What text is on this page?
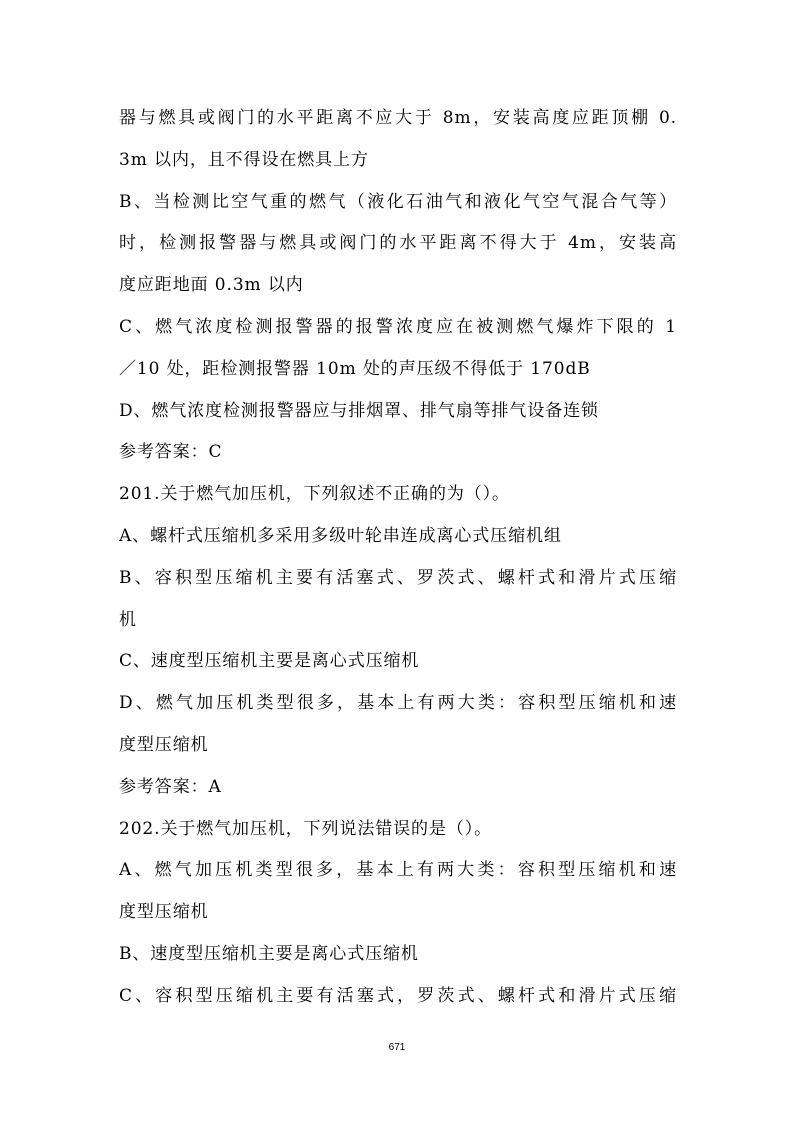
器与燃具或阀门的水平距离不应大于 8m，安装高度应距顶棚 0.
3m 以内，且不得设在燃具上方
B、当检测比空气重的燃气（液化石油气和液化气空气混合气等）
时，检测报警器与燃具或阀门的水平距离不得大于 4m，安装高
度应距地面 0.3m 以内
C、燃气浓度检测报警器的报警浓度应在被测燃气爆炸下限的 1
／10 处，距检测报警器 10m 处的声压级不得低于 170dB
D、燃气浓度检测报警器应与排烟罩、排气扇等排气设备连锁
参考答案：C
201.关于燃气加压机，下列叙述不正确的为（）。
A、螺杆式压缩机多采用多级叶轮串连成离心式压缩机组
B、容积型压缩机主要有活塞式、罗茨式、螺杆式和滑片式压缩
机
C、速度型压缩机主要是离心式压缩机
D、燃气加压机类型很多，基本上有两大类：容积型压缩机和速
度型压缩机
参考答案：A
202.关于燃气加压机，下列说法错误的是（）。
A、燃气加压机类型很多，基本上有两大类：容积型压缩机和速
度型压缩机
B、速度型压缩机主要是离心式压缩机
C、容积型压缩机主要有活塞式，罗茨式、螺杆式和滑片式压缩
671
